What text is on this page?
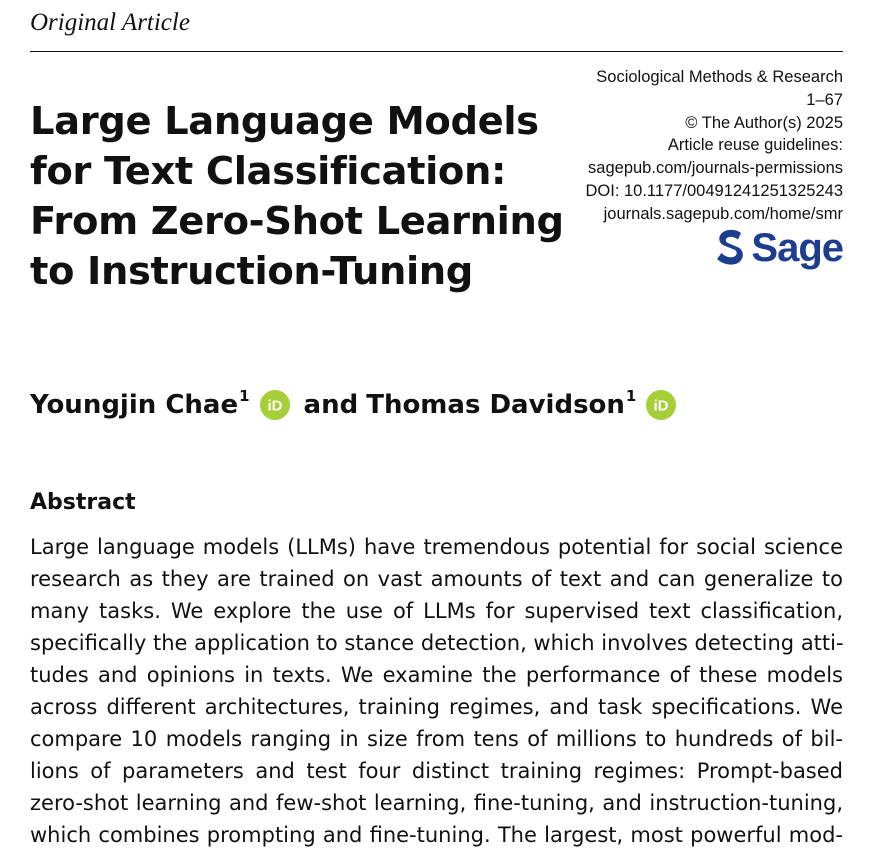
Original Article
Large Language Models
for Text Classification:
From Zero-Shot Learning
to Instruction-Tuning
Sociological Methods & Research
1–67
© The Author(s) 2025
Article reuse guidelines:
sagepub.com/journals-permissions
DOI: 10.1177/00491241251325243
journals.sagepub.com/home/smr
Sage
Youngjin Chae$^1$
iD and Thomas Davidson$^1$
iD
Abstract
Large language models (LLMs) have tremendous potential for social science
research as they are trained on vast amounts of text and can generalize to
many tasks. We explore the use of LLMs for supervised text classification,
specifically the application to stance detection, which involves detecting atti-
tudes and opinions in texts. We examine the performance of these models
across different architectures, training regimes, and task specifications. We
compare 10 models ranging in size from tens of millions to hundreds of bil-
lions of parameters and test four distinct training regimes: Prompt-based
zero-shot learning and few-shot learning, fine-tuning, and instruction-tuning,
which combines prompting and fine-tuning. The largest, most powerful mod-
